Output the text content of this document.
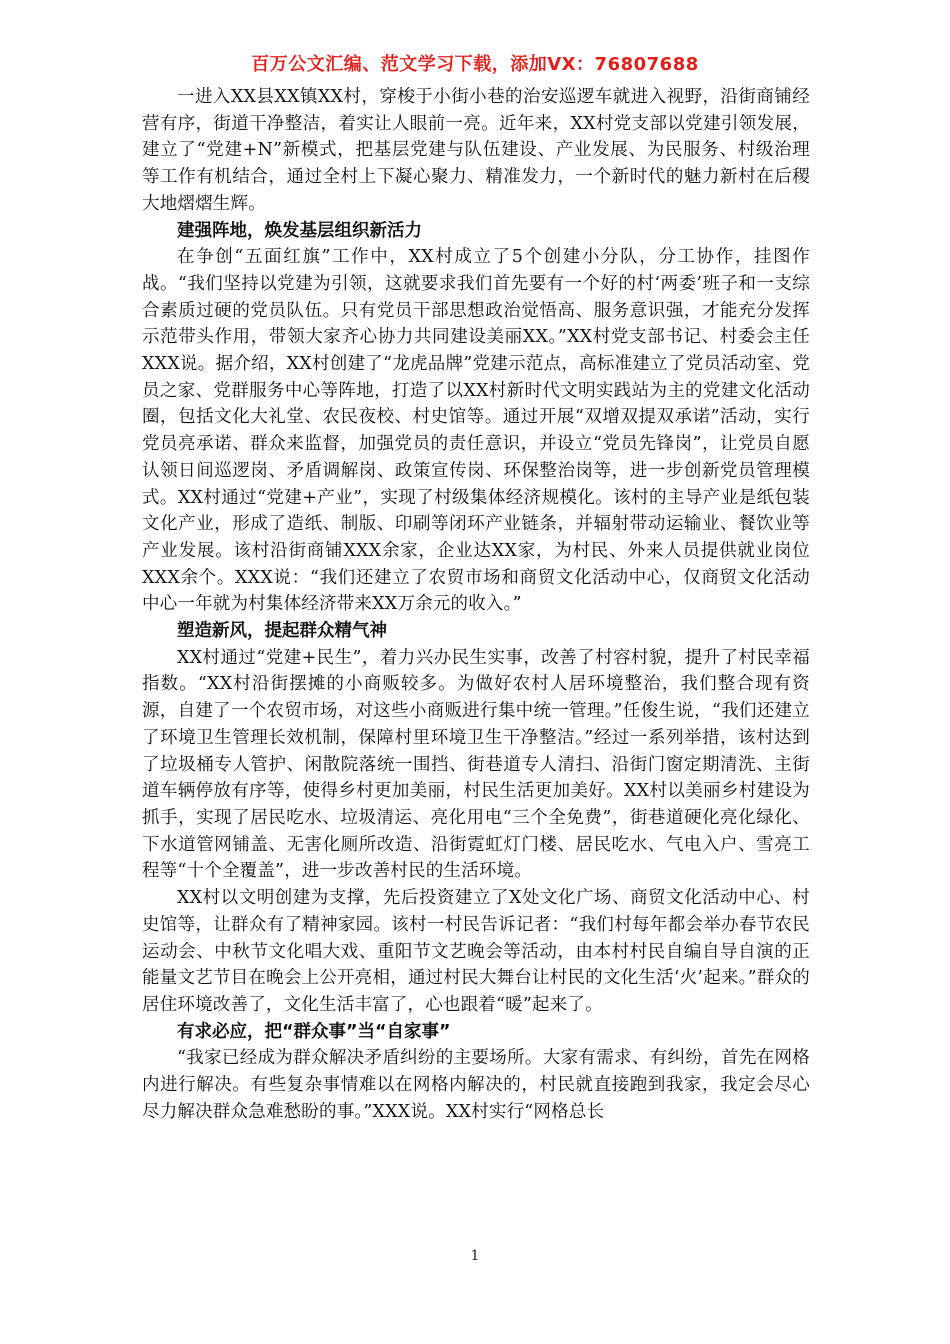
百万公文汇编、范文学习下载，添加VX：76807688

一进入XX县XX镇XX村，穿梭于小街小巷的治安巡逻车就进入视野，沿街商铺经营有序，街道干净整洁，着实让人眼前一亮。近年来，XX村党支部以党建引领发展，建立了“党建+N”新模式，把基层党建与队伍建设、产业发展、为民服务、村级治理等工作有机结合，通过全村上下凝心聚力、精准发力，一个新时代的魅力新村在后稷大地熠熠生辉。

建强阵地，焕发基层组织新活力

在争创“五面红旗”工作中，XX村成立了5个创建小分队，分工协作，挂图作战。“我们坚持以党建为引领，这就要求我们首先要有一个好的村‘两委’班子和一支综合素质过硬的党员队伍。只有党员干部思想政治觉悟高、服务意识强，才能充分发挥示范带头作用，带领大家齐心协力共同建设美丽XX。”XX村党支部书记、村委会主任XXX说。据介绍，XX村创建了“龙虎品牌”党建示范点，高标准建立了党员活动室、党员之家、党群服务中心等阵地，打造了以XX村新时代文明实践站为主的党建文化活动圈，包括文化大礼堂、农民夜校、村史馆等。通过开展“双增双提双承诺”活动，实行党员亮承诺、群众来监督，加强党员的责任意识，并设立“党员先锋岗”，让党员自愿认领日间巡逻岗、矛盾调解岗、政策宣传岗、环保整治岗等，进一步创新党员管理模式。XX村通过“党建+产业”，实现了村级集体经济规模化。该村的主导产业是纸包装文化产业，形成了造纸、制版、印刷等闭环产业链条，并辐射带动运输业、餐饮业等产业发展。该村沿街商铺XXX余家，企业达XX家，为村民、外来人员提供就业岗位XXX余个。XXX说：“我们还建立了农贸市场和商贸文化活动中心，仅商贸文化活动中心一年就为村集体经济带来XX万余元的收入。”

塑造新风，提起群众精气神

XX村通过“党建+民生”，着力兴办民生实事，改善了村容村貌，提升了村民幸福指数。“XX村沿街摆摊的小商贩较多。为做好农村人居环境整治，我们整合现有资源，自建了一个农贸市场，对这些小商贩进行集中统一管理。”任俊生说，“我们还建立了环境卫生管理长效机制，保障村里环境卫生干净整洁。”经过一系列举措，该村达到了垃圾桶专人管护、闲散院落统一围挡、街巷道专人清扫、沿街门窗定期清洗、主街道车辆停放有序等，使得乡村更加美丽，村民生活更加美好。XX村以美丽乡村建设为抓手，实现了居民吃水、垃圾清运、亮化用电“三个全免费”，街巷道硬化亮化绿化、下水道管网铺盖、无害化厕所改造、沿街霓虹灯门楼、居民吃水、气电入户、雪亮工程等“十个全覆盖”，进一步改善村民的生活环境。

XX村以文明创建为支撑，先后投资建立了X处文化广场、商贸文化活动中心、村史馆等，让群众有了精神家园。该村一村民告诉记者：“我们村每年都会举办春节农民运动会、中秋节文化唱大戏、重阳节文艺晚会等活动，由本村村民自编自导自演的正能量文艺节目在晚会上公开亮相，通过村民大舞台让村民的文化生活‘火’起来。”群众的居住环境改善了，文化生活丰富了，心也跟着“暖”起来了。

有求必应，把“群众事”当“自家事”

“我家已经成为群众解决矛盾纠纷的主要场所。大家有需求、有纠纷，首先在网格内进行解决。有些复杂事情难以在网格内解决的，村民就直接跑到我家，我定会尽心尽力解决群众急难愁盼的事。”XXX说。XX村实行“网格总长

1
